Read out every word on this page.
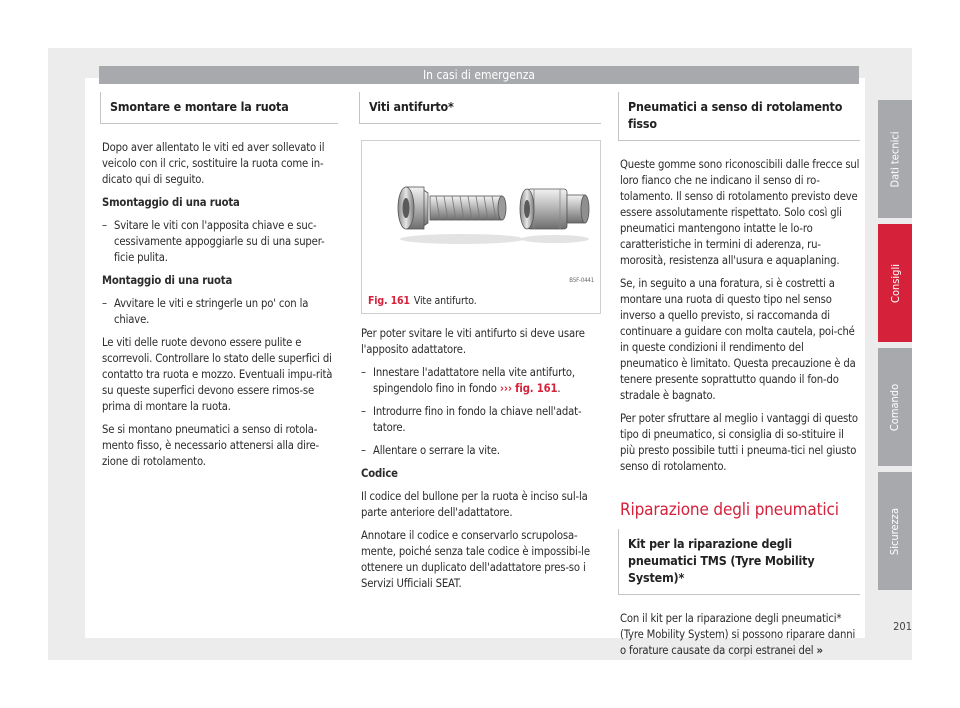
In casi di emergenza
Smontare e montare la ruota

Dopo aver allentato le viti ed aver sollevato il veicolo con il cric, sostituire la ruota come in-dicato qui di seguito.

Smontaggio di una ruota

– Svitare le viti con l'apposita chiave e suc-cessivamente appoggiarle su di una super-ficie pulita.

Montaggio di una ruota

– Avvitare le viti e stringerle un po' con la chiave.

Le viti delle ruote devono essere pulite e scorrevoli. Controllare lo stato delle superfici di contatto tra ruota e mozzo. Eventuali impu-rità su queste superfici devono essere rimos-se prima di montare la ruota.

Se si montano pneumatici a senso di rotola-mento fisso, è necessario attenersi alla dire-zione di rotolamento.

Viti antifurto*
B5F-0441
Fig. 161 Vite antifurto.

Per poter svitare le viti antifurto si deve usare l'apposito adattatore.

– Innestare l'adattatore nella vite antifurto, spingendolo fino in fondo ››› fig. 161.

– Introdurre fino in fondo la chiave nell'adat-tatore.

– Allentare o serrare la vite.

Codice

Il codice del bullone per la ruota è inciso sul-la parte anteriore dell'adattatore.

Annotare il codice e conservarlo scrupolosa-mente, poiché senza tale codice è impossibi-le ottenere un duplicato dell'adattatore pres-so i Servizi Ufficiali SEAT.

Pneumatici a senso di rotolamento fisso

Queste gomme sono riconoscibili dalle frecce sul loro fianco che ne indicano il senso di ro-tolamento. Il senso di rotolamento previsto deve essere assolutamente rispettato. Solo così gli pneumatici mantengono intatte le lo-ro caratteristiche in termini di aderenza, ru-morosità, resistenza all'usura e aquaplaning.

Se, in seguito a una foratura, si è costretti a montare una ruota di questo tipo nel senso inverso a quello previsto, si raccomanda di continuare a guidare con molta cautela, poi-ché in queste condizioni il rendimento del pneumatico è limitato. Questa precauzione è da tenere presente soprattutto quando il fon-do stradale è bagnato.

Per poter sfruttare al meglio i vantaggi di questo tipo di pneumatico, si consiglia di so-stituire il più presto possibile tutti i pneuma-tici nel giusto senso di rotolamento.

Riparazione degli pneumatici
Kit per la riparazione degli pneumatici TMS (Tyre Mobility System)*

Con il kit per la riparazione degli pneumatici* (Tyre Mobility System) si possono riparare danni o forature causate da corpi estranei del »

Dati tecnici
Consigli
Comando
Sicurezza
201
